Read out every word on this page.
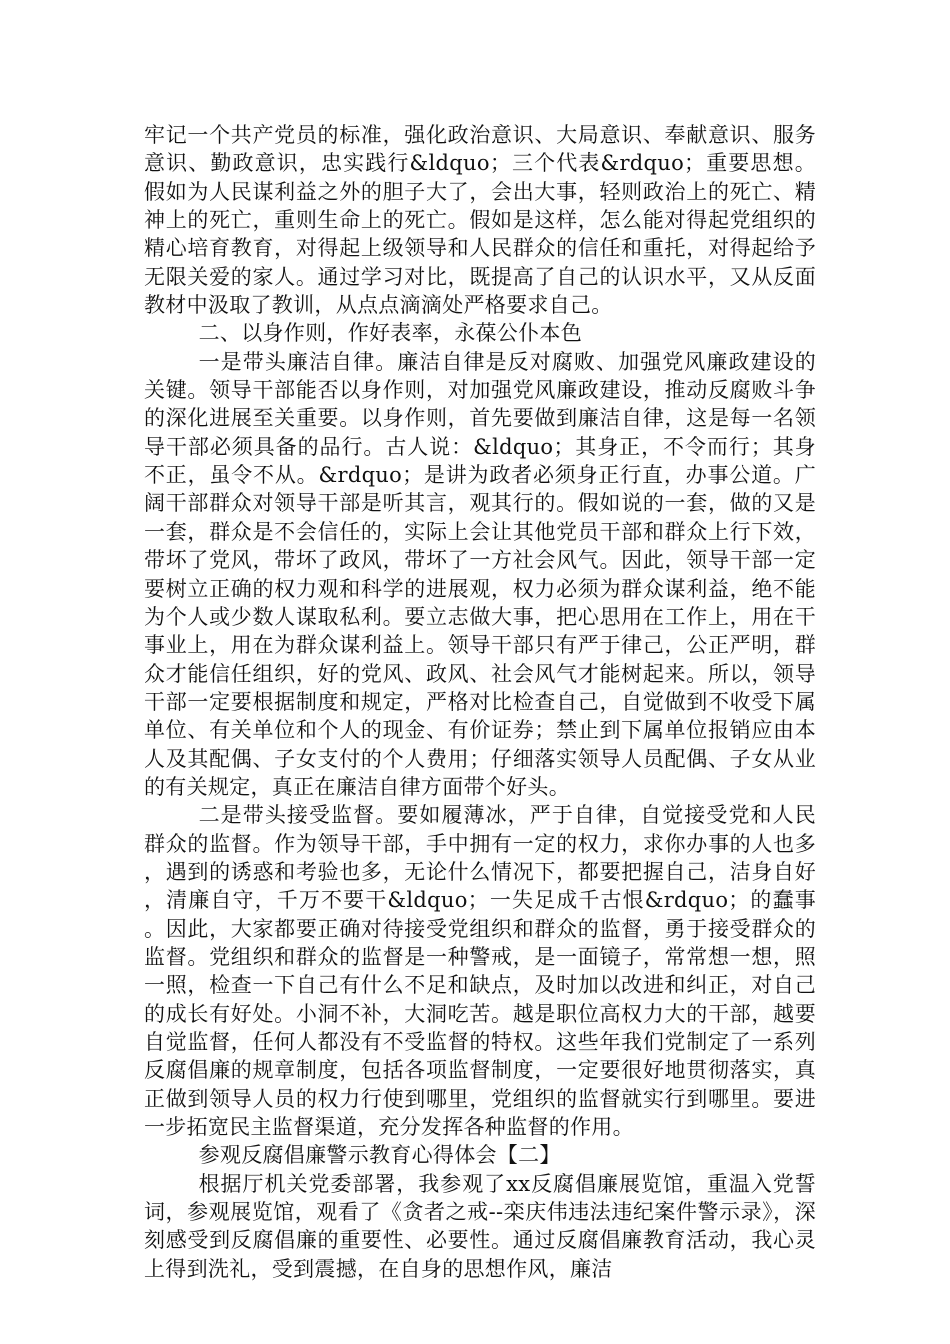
牢记一个共产党员的标准，强化政治意识、大局意识、奉献意识、服务意识、勤政意识，忠实践行&ldquo；三个代表&rdquo；重要思想。假如为人民谋利益之外的胆子大了，会出大事，轻则政治上的死亡、精神上的死亡，重则生命上的死亡。假如是这样，怎么能对得起党组织的精心培育教育，对得起上级领导和人民群众的信任和重托，对得起给予无限关爱的家人。通过学习对比，既提高了自己的认识水平，又从反面教材中汲取了教训，从点点滴滴处严格要求自己。

二、以身作则，作好表率，永葆公仆本色

一是带头廉洁自律。廉洁自律是反对腐败、加强党风廉政建设的关键。领导干部能否以身作则，对加强党风廉政建设，推动反腐败斗争的深化进展至关重要。以身作则，首先要做到廉洁自律，这是每一名领导干部必须具备的品行。古人说：&ldquo；其身正，不令而行；其身不正，虽令不从。&rdquo；是讲为政者必须身正行直，办事公道。广阔干部群众对领导干部是听其言，观其行的。假如说的一套，做的又是一套，群众是不会信任的，实际上会让其他党员干部和群众上行下效，带坏了党风，带坏了政风，带坏了一方社会风气。因此，领导干部一定要树立正确的权力观和科学的进展观，权力必须为群众谋利益，绝不能为个人或少数人谋取私利。要立志做大事，把心思用在工作上，用在干事业上，用在为群众谋利益上。领导干部只有严于律己，公正严明，群众才能信任组织，好的党风、政风、社会风气才能树起来。所以，领导干部一定要根据制度和规定，严格对比检查自己，自觉做到不收受下属单位、有关单位和个人的现金、有价证券；禁止到下属单位报销应由本人及其配偶、子女支付的个人费用；仔细落实领导人员配偶、子女从业的有关规定，真正在廉洁自律方面带个好头。

二是带头接受监督。要如履薄冰，严于自律，自觉接受党和人民群众的监督。作为领导干部，手中拥有一定的权力，求你办事的人也多，遇到的诱惑和考验也多，无论什么情况下，都要把握自己，洁身自好，清廉自守，千万不要干&ldquo；一失足成千古恨&rdquo；的蠢事。因此，大家都要正确对待接受党组织和群众的监督，勇于接受群众的监督。党组织和群众的监督是一种警戒，是一面镜子，常常想一想，照一照，检查一下自己有什么不足和缺点，及时加以改进和纠正，对自己的成长有好处。小洞不补，大洞吃苦。越是职位高权力大的干部，越要自觉监督，任何人都没有不受监督的特权。这些年我们党制定了一系列反腐倡廉的规章制度，包括各项监督制度，一定要很好地贯彻落实，真正做到领导人员的权力行使到哪里，党组织的监督就实行到哪里。要进一步拓宽民主监督渠道，充分发挥各种监督的作用。

参观反腐倡廉警示教育心得体会【二】

根据厅机关党委部署，我参观了xx反腐倡廉展览馆，重温入党誓词，参观展览馆，观看了《贪者之戒--栾庆伟违法违纪案件警示录》，深刻感受到反腐倡廉的重要性、必要性。通过反腐倡廉教育活动，我心灵上得到洗礼，受到震撼，在自身的思想作风，廉洁
